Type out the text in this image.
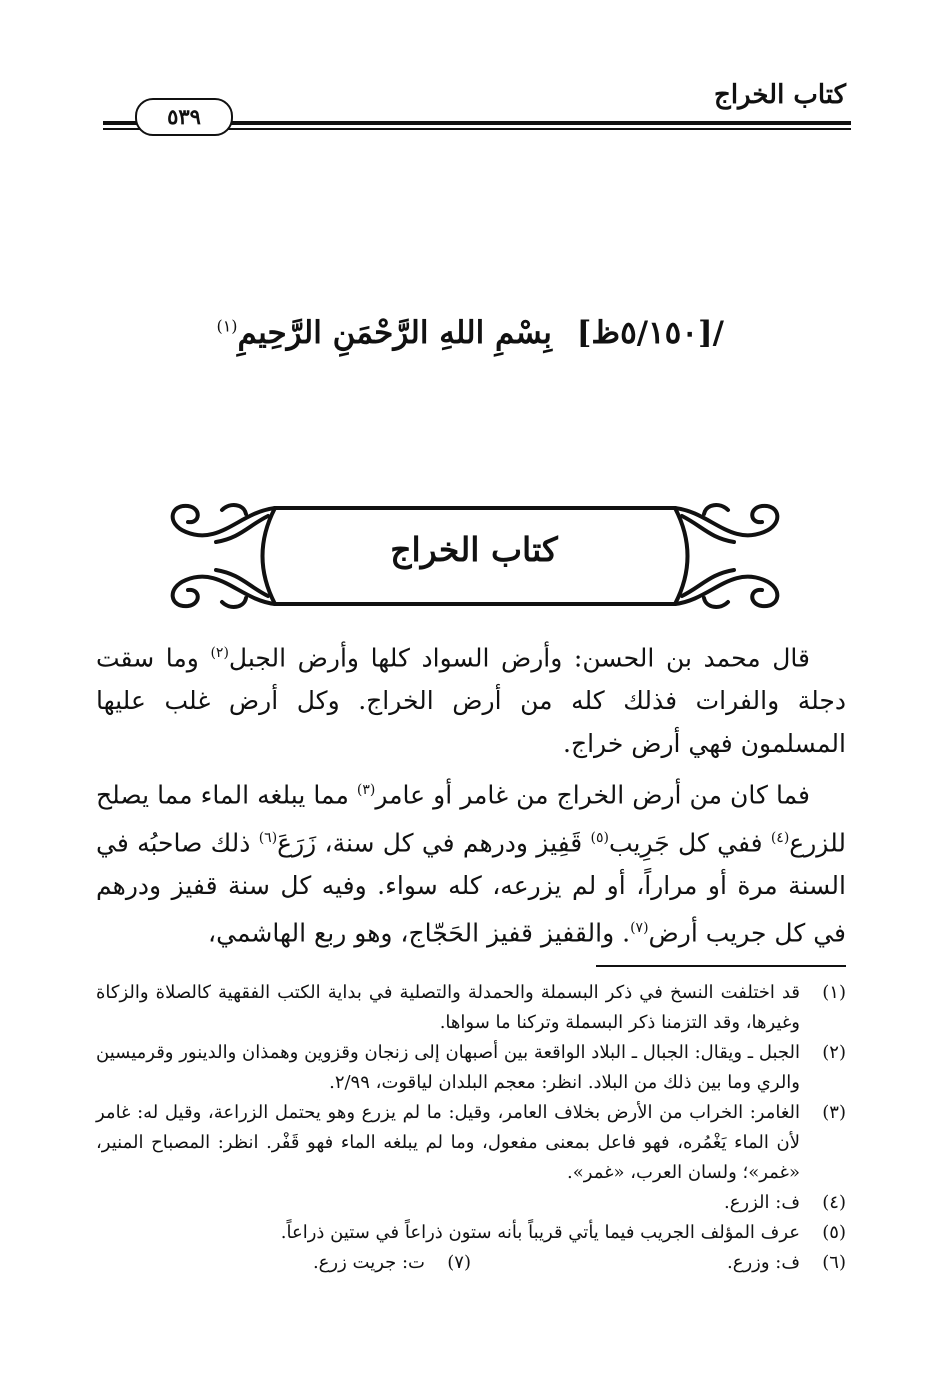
كتاب الخراج
٥٣٩
/[٥/١٥٠ظ] بِسْمِ اللهِ الرَّحْمَنِ الرَّحِيمِ$^{(١)}$
كتاب الخراج

قال محمد بن الحسن: وأرض السواد كلها وأرض الجبل$^{(٢)}$ وما سقت دجلة والفرات فذلك كله من أرض الخراج. وكل أرض غلب عليها المسلمون فهي أرض خراج.

فما كان من أرض الخراج من غامر أو عامر$^{(٣)}$ مما يبلغه الماء مما يصلح للزرع$^{(٤)}$ ففي كل جَرِيب$^{(٥)}$ قَفِيز ودرهم في كل سنة، زَرَعَ$^{(٦)}$ ذلك صاحبُه في السنة مرة أو مراراً، أو لم يزرعه، كله سواء. وفيه كل سنة قفيز ودرهم في كل جريب أرض$^{(٧)}$. والقفيز قفيز الحَجّاج، وهو ربع الهاشمي،

(١)
قد اختلفت النسخ في ذكر البسملة والحمدلة والتصلية في بداية الكتب الفقهية كالصلاة والزكاة وغيرها، وقد التزمنا ذكر البسملة وتركنا ما سواها.
(٢)
الجبل ـ ويقال: الجبال ـ البلاد الواقعة بين أصبهان إلى زنجان وقزوين وهمذان والدينور وقرميسين والري وما بين ذلك من البلاد. انظر: معجم البلدان لياقوت، ٢/٩٩.
(٣)
الغامر: الخراب من الأرض بخلاف العامر، وقيل: ما لم يزرع وهو يحتمل الزراعة، وقيل له: غامر لأن الماء يَغْمُره، فهو فاعل بمعنى مفعول، وما لم يبلغه الماء فهو قَفْر. انظر: المصباح المنير، «غمر»؛ ولسان العرب، «غمر».
(٤)
ف: الزرع.
(٥)
عرف المؤلف الجريب فيما يأتي قريباً بأنه ستون ذراعاً في ستين ذراعاً.
(٦)
ف: وزرع.
(٧)
ت: جريت زرع.
